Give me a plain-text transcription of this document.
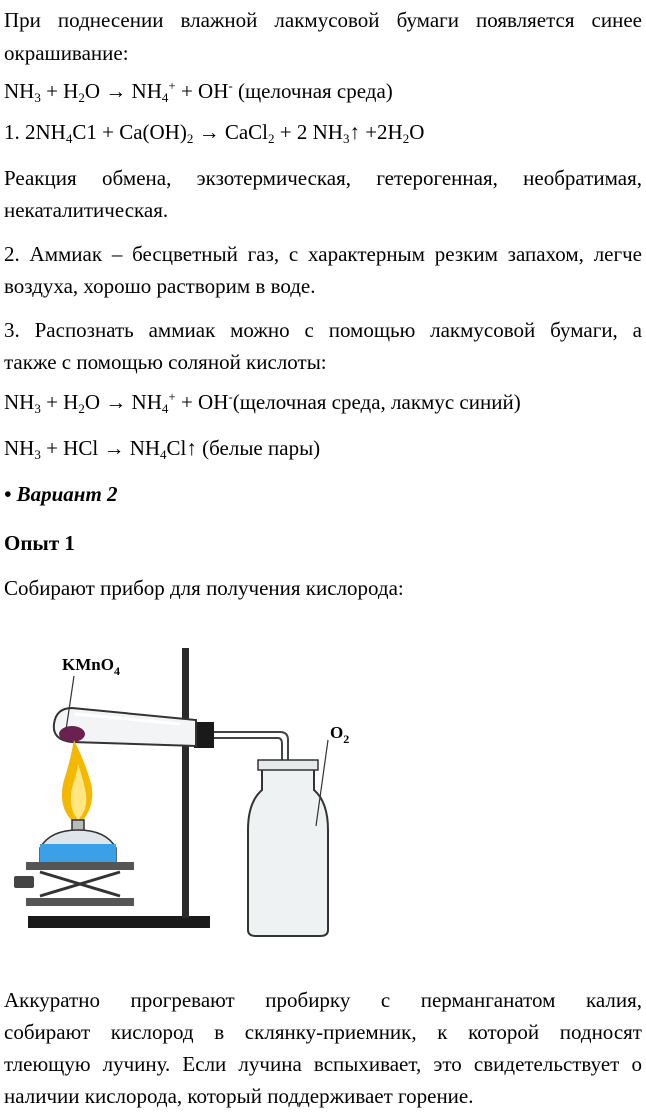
При поднесении влажной лакмусовой бумаги появляется синее
окрашивание:
$NH_3 + H_2O \to NH_4^+ + OH^-$ (щелочная среда)
1. $2NH_4C1 + Ca(OH)_2$ → CaCl$_2$ + 2 $NH_3↑ +2H_2O$
Реакция обмена, экзотермическая, гетерогенная, необратимая,
некаталитическая.
2. Аммиак – бесцветный газ, с характерным резким запахом, легче
воздуха, хорошо растворим в воде.
3. Распознать аммиак можно с помощью лакмусовой бумаги, а
также с помощью соляной кислоты:
$NH_3 + H_2O \to NH_4^+$ + OH-(щелочная среда, лакмус синий)
$NH_3$ + HCl → $NH_4Cl↑$ (белые пары)
• Вариант 2
Опыт 1
Собирают прибор для получения кислорода:
$O_2$
KMnO$_4$
Аккуратно прогревают пробирку с перманганатом калия,
собирают кислород в склянку-приемник, к которой подносят
тлеющую лучину. Если лучина вспыхивает, это свидетельствует о
наличии кислорода, который поддерживает горение.
